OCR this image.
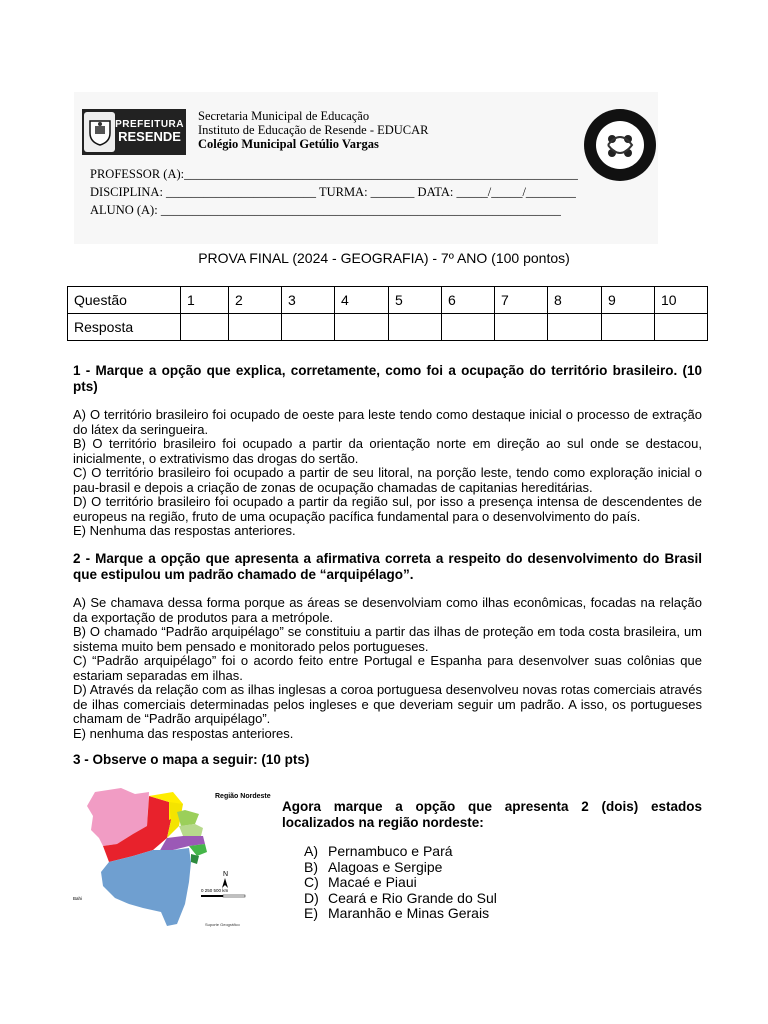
PREFEITURA
RESENDE
Secretaria Municipal de Educação
Instituto de Educação de Resende - EDUCAR
Colégio Municipal Getúlio Vargas
PROFESSOR (A):_______________________________________________________________
DISCIPLINA: ________________________ TURMA: _______ DATA: _____/_____/________
ALUNO (A): ________________________________________________________________
PROVA FINAL (2024 - GEOGRAFIA) - 7º ANO (100 pontos)
Questão	1	2	3	4	5	6	7	8	9	10
Resposta										
1 - Marque a opção que explica, corretamente, como foi a ocupação do território brasileiro. (10 pts)

A) O território brasileiro foi ocupado de oeste para leste tendo como destaque inicial o processo de extração do látex da seringueira.

B) O território brasileiro foi ocupado a partir da orientação norte em direção ao sul onde se destacou, inicialmente, o extrativismo das drogas do sertão.

C) O território brasileiro foi ocupado a partir de seu litoral, na porção leste, tendo como exploração inicial o pau-brasil e depois a criação de zonas de ocupação chamadas de capitanias hereditárias.

D) O território brasileiro foi ocupado a partir da região sul, por isso a presença intensa de descendentes de europeus na região, fruto de uma ocupação pacífica fundamental para o desenvolvimento do país.

E) Nenhuma das respostas anteriores.

2 - Marque a opção que apresenta a afirmativa correta a respeito do desenvolvimento do Brasil que estipulou um padrão chamado de “arquipélago”.

A) Se chamava dessa forma porque as áreas se desenvolviam como ilhas econômicas, focadas na relação da exportação de produtos para a metrópole.

B) O chamado “Padrão arquipélago” se constituiu a partir das ilhas de proteção em toda costa brasileira, um sistema muito bem pensado e monitorado pelos portugueses.

C) “Padrão arquipélago” foi o acordo feito entre Portugal e Espanha para desenvolver suas colônias que estariam separadas em ilhas.

D) Através da relação com as ilhas inglesas a coroa portuguesa desenvolveu novas rotas comerciais através de ilhas comerciais determinadas pelos ingleses e que deveriam seguir um padrão. A isso, os portugueses chamam de “Padrão arquipélago”.

E) nenhuma das respostas anteriores.

3 - Observe o mapa a seguir: (10 pts)
Região Nordeste
N
0 250 500 km
Bahi
Suporte Geográfico
Agora marque a opção que apresenta 2 (dois) estados localizados na região nordeste:
A) Pernambuco e Pará
B) Alagoas e Sergipe
C) Macaé e Piaui
D) Ceará e Rio Grande do Sul
E) Maranhão e Minas Gerais
